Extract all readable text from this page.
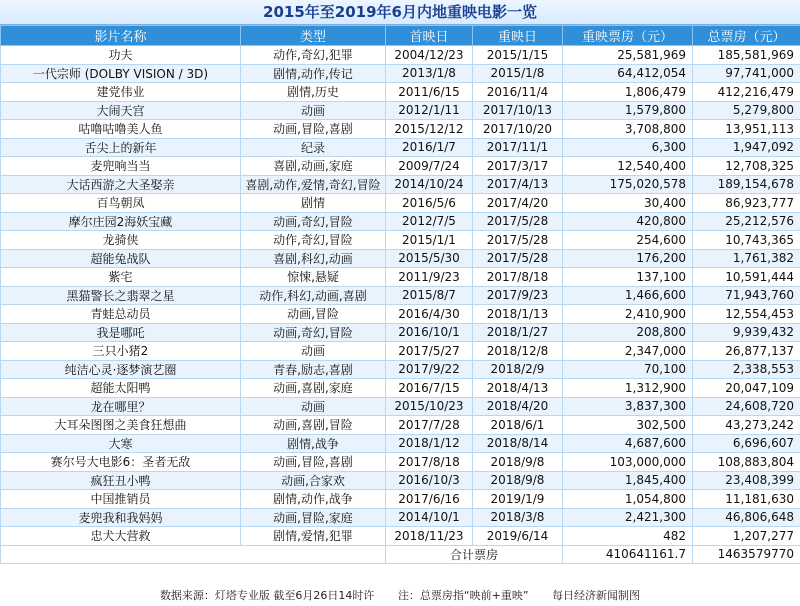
2015年至2019年6月内地重映电影一览
影片名称	类型	首映日	重映日	重映票房（元）	总票房（元）
功夫	动作,奇幻,犯罪	2004/12/23	2015/1/15	25,581,969	185,581,969
一代宗师 (DOLBY VISION / 3D)	剧情,动作,传记	2013/1/8	2015/1/8	64,412,054	97,741,000
建党伟业	剧情,历史	2011/6/15	2016/11/4	1,806,479	412,216,479
大闹天宫	动画	2012/1/11	2017/10/13	1,579,800	5,279,800
咕噜咕噜美人鱼	动画,冒险,喜剧	2015/12/12	2017/10/20	3,708,800	13,951,113
舌尖上的新年	纪录	2016/1/7	2017/11/1	6,300	1,947,092
麦兜响当当	喜剧,动画,家庭	2009/7/24	2017/3/17	12,540,400	12,708,325
大话西游之大圣娶亲	喜剧,动作,爱情,奇幻,冒险	2014/10/24	2017/4/13	175,020,578	189,154,678
百鸟朝凤	剧情	2016/5/6	2017/4/20	30,400	86,923,777
摩尔庄园2海妖宝藏	动画,奇幻,冒险	2012/7/5	2017/5/28	420,800	25,212,576
龙骑侠	动作,奇幻,冒险	2015/1/1	2017/5/28	254,600	10,743,365
超能兔战队	喜剧,科幻,动画	2015/5/30	2017/5/28	176,200	1,761,382
紫宅	惊悚,悬疑	2011/9/23	2017/8/18	137,100	10,591,444
黑猫警长之翡翠之星	动作,科幻,动画,喜剧	2015/8/7	2017/9/23	1,466,600	71,943,760
青蛙总动员	动画,冒险	2016/4/30	2018/1/13	2,410,900	12,554,453
我是哪吒	动画,奇幻,冒险	2016/10/1	2018/1/27	208,800	9,939,432
三只小猪2	动画	2017/5/27	2018/12/8	2,347,000	26,877,137
纯洁心灵·逐梦演艺圈	青春,励志,喜剧	2017/9/22	2018/2/9	70,100	2,338,553
超能太阳鸭	动画,喜剧,家庭	2016/7/15	2018/4/13	1,312,900	20,047,109
龙在哪里？	动画	2015/10/23	2018/4/20	3,837,300	24,608,720
大耳朵图图之美食狂想曲	动画,喜剧,冒险	2017/7/28	2018/6/1	302,500	43,273,242
大寒	剧情,战争	2018/1/12	2018/8/14	4,687,600	6,696,607
赛尔号大电影6：圣者无敌	动画,冒险,喜剧	2017/8/18	2018/9/8	103,000,000	108,883,804
疯狂丑小鸭	动画,合家欢	2016/10/3	2018/9/8	1,845,400	23,408,399
中国推销员	剧情,动作,战争	2017/6/16	2019/1/9	1,054,800	11,181,630
麦兜我和我妈妈	动画,冒险,家庭	2014/10/1	2018/3/8	2,421,300	46,806,648
忠犬大营救	剧情,爱情,犯罪	2018/11/23	2019/6/14	482	1,207,277
		合计票房		410641161.7	1463579770
数据来源：灯塔专业版 截至6月26日14时许 注：总票房指“映前+重映” 每日经济新闻制图
